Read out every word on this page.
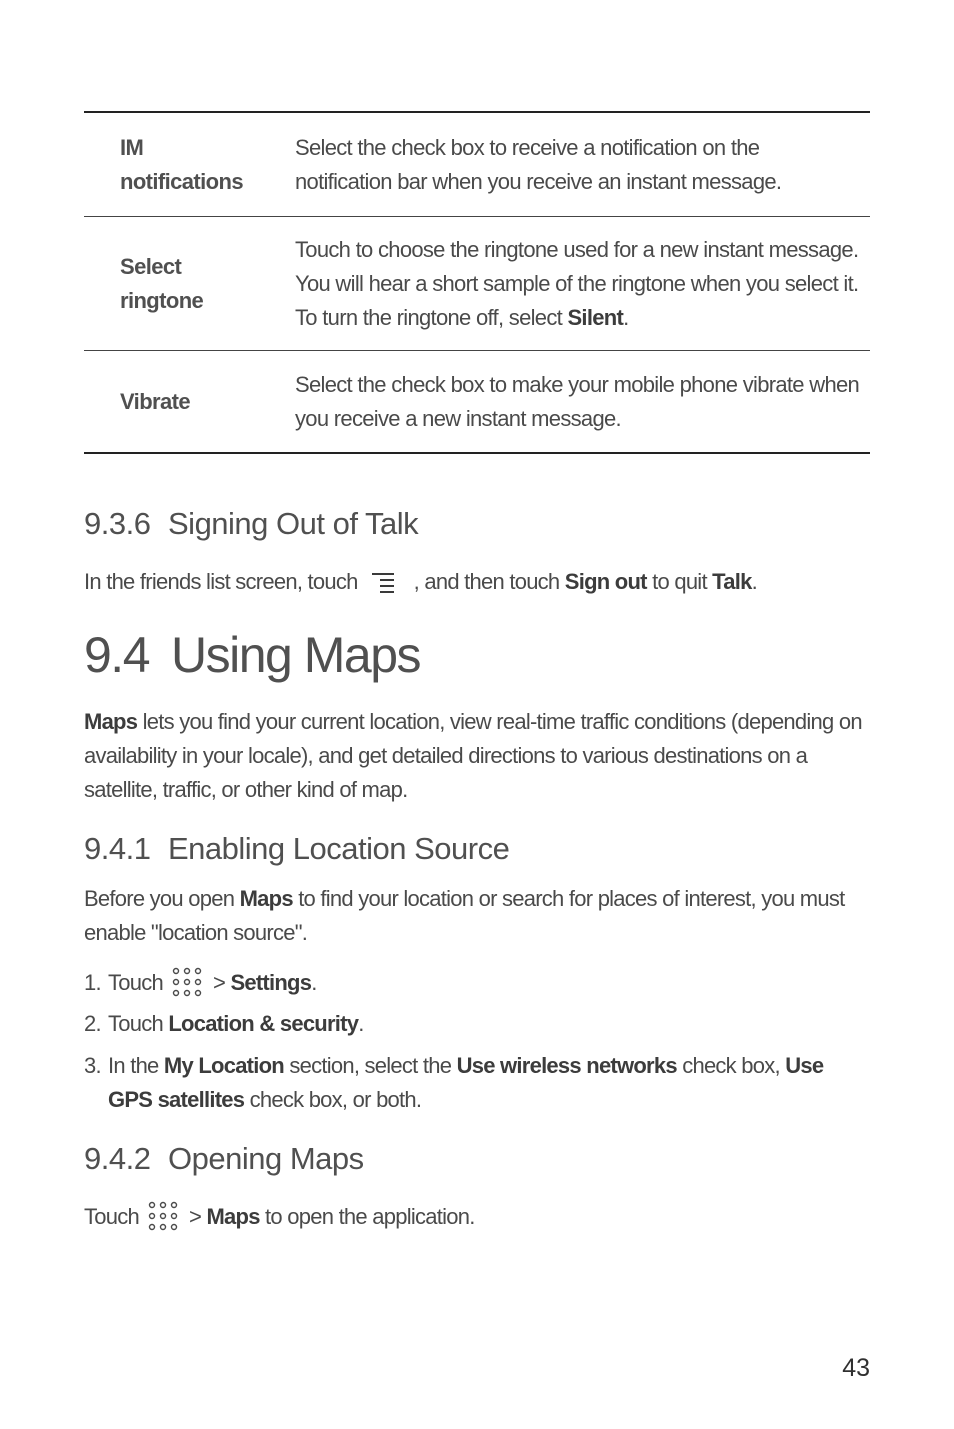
IM
notifications
Select the check box to receive a notification on the notification bar when you receive an instant message.
Select
ringtone
Touch to choose the ringtone used for a new instant message. You will hear a short sample of the ringtone when you select it. To turn the ringtone off, select Silent.
Vibrate
Select the check box to make your mobile phone vibrate when you receive a new instant message.
9.3.6 Signing Out of Talk

In the friends list screen, touch	, and then touch Sign out to quit Talk.

9.4 Using Maps

Maps lets you find your current location, view real-time traffic conditions (depending on availability in your locale), and get detailed directions to various destinations on a satellite, traffic, or other kind of map.

9.4.1 Enabling Location Source

Before you open Maps to find your location or search for places of interest, you must enable "location source".

1. Touch > Settings.
2. Touch Location & security.
3. In the My Location section, select the Use wireless networks check box, Use
GPS satellites check box, or both.
9.4.2 Opening Maps

Touch > Maps to open the application.

43
